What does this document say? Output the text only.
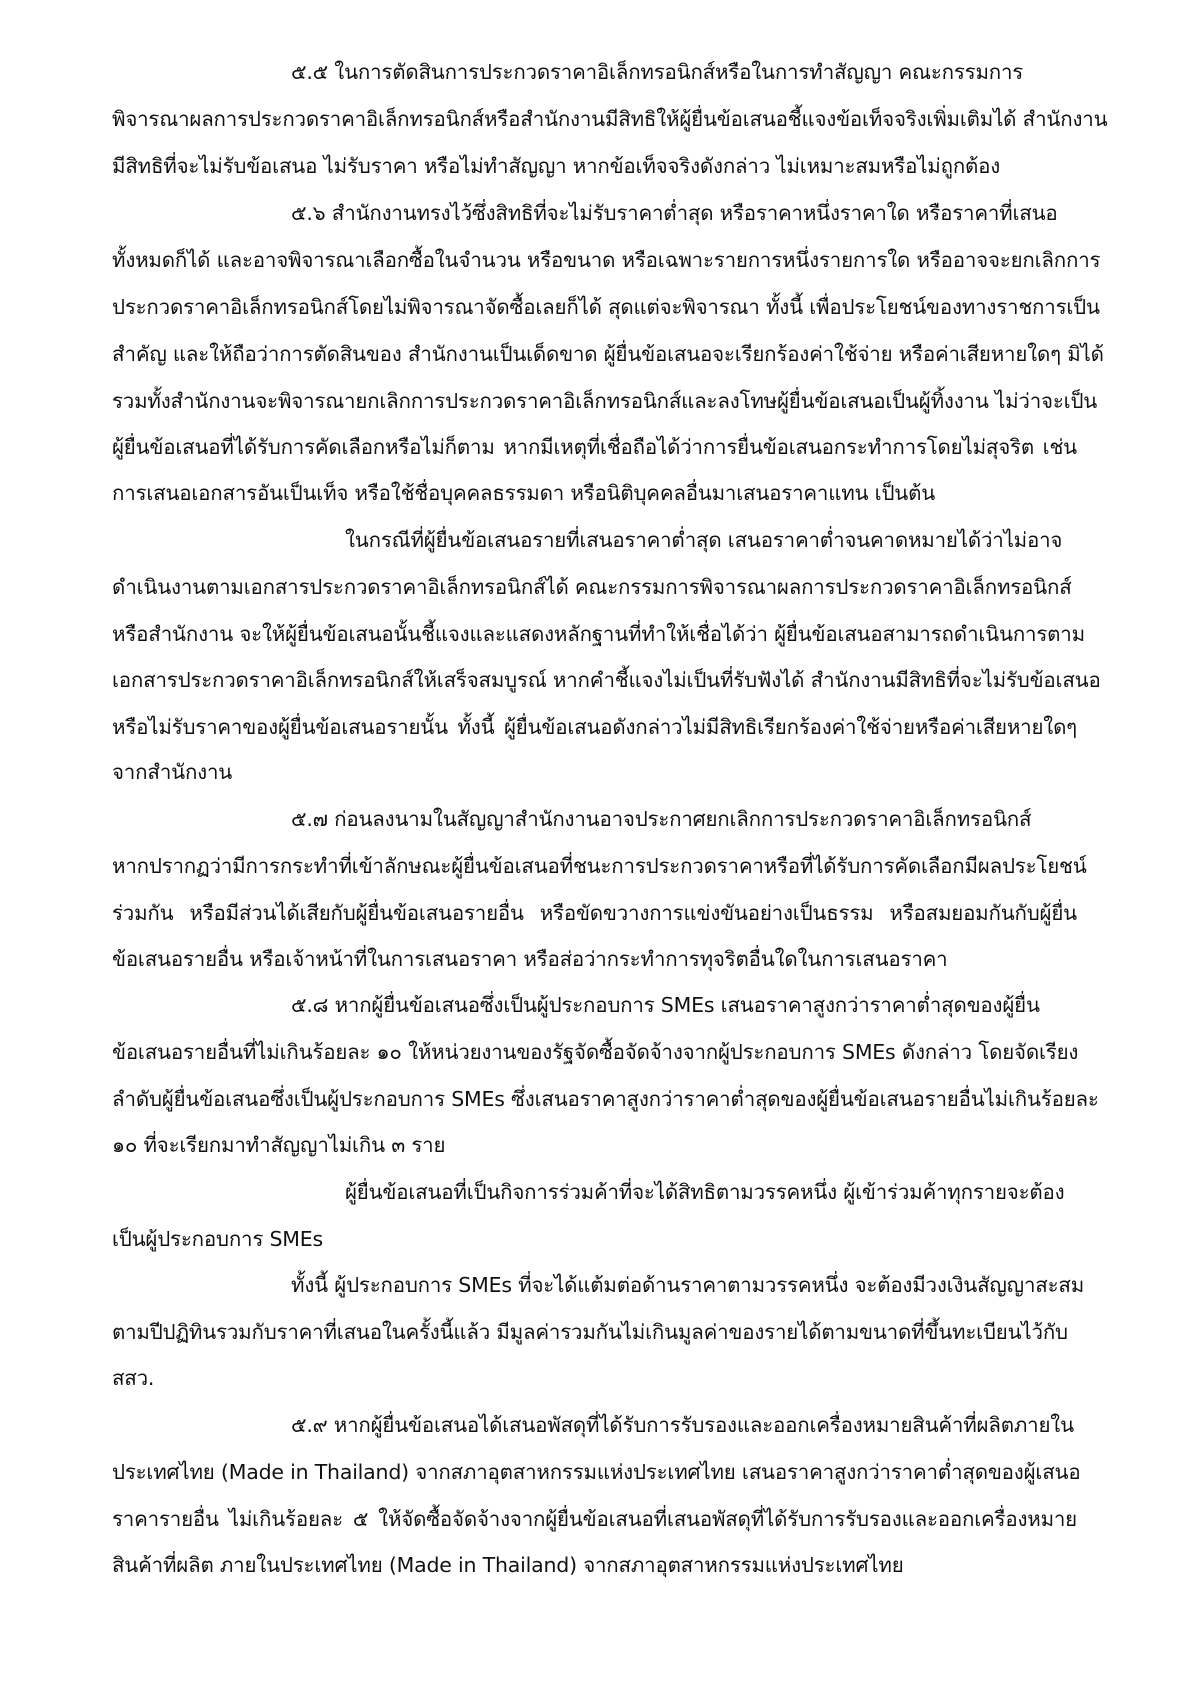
๕.๕ ในการตัดสินการประกวดราคาอิเล็กทรอนิกส์หรือในการทำสัญญา คณะกรรมการ
พิจารณาผลการประกวดราคาอิเล็กทรอนิกส์หรือสำนักงานมีสิทธิให้ผู้ยื่นข้อเสนอชี้แจงข้อเท็จจริงเพิ่มเติมได้ สำนักงาน
มีสิทธิที่จะไม่รับข้อเสนอ ไม่รับราคา หรือไม่ทำสัญญา หากข้อเท็จจริงดังกล่าว ไม่เหมาะสมหรือไม่ถูกต้อง
๕.๖ สำนักงานทรงไว้ซึ่งสิทธิที่จะไม่รับราคาต่ำสุด หรือราคาหนึ่งราคาใด หรือราคาที่เสนอ
ทั้งหมดก็ได้ และอาจพิจารณาเลือกซื้อในจำนวน หรือขนาด หรือเฉพาะรายการหนึ่งรายการใด หรืออาจจะยกเลิกการ
ประกวดราคาอิเล็กทรอนิกส์โดยไม่พิจารณาจัดซื้อเลยก็ได้ สุดแต่จะพิจารณา ทั้งนี้ เพื่อประโยชน์ของทางราชการเป็น
สำคัญ และให้ถือว่าการตัดสินของ สำนักงานเป็นเด็ดขาด ผู้ยื่นข้อเสนอจะเรียกร้องค่าใช้จ่าย หรือค่าเสียหายใดๆ มิได้
รวมทั้งสำนักงานจะพิจารณายกเลิกการประกวดราคาอิเล็กทรอนิกส์และลงโทษผู้ยื่นข้อเสนอเป็นผู้ทิ้งงาน ไม่ว่าจะเป็น
ผู้ยื่นข้อเสนอที่ได้รับการคัดเลือกหรือไม่ก็ตาม หากมีเหตุที่เชื่อถือได้ว่าการยื่นข้อเสนอกระทำการโดยไม่สุจริต เช่น
การเสนอเอกสารอันเป็นเท็จ หรือใช้ชื่อบุคคลธรรมดา หรือนิติบุคคลอื่นมาเสนอราคาแทน เป็นต้น
ในกรณีที่ผู้ยื่นข้อเสนอรายที่เสนอราคาต่ำสุด เสนอราคาต่ำจนคาดหมายได้ว่าไม่อาจ
ดำเนินงานตามเอกสารประกวดราคาอิเล็กทรอนิกส์ได้ คณะกรรมการพิจารณาผลการประกวดราคาอิเล็กทรอนิกส์
หรือสำนักงาน จะให้ผู้ยื่นข้อเสนอนั้นชี้แจงและแสดงหลักฐานที่ทำให้เชื่อได้ว่า ผู้ยื่นข้อเสนอสามารถดำเนินการตาม
เอกสารประกวดราคาอิเล็กทรอนิกส์ให้เสร็จสมบูรณ์ หากคำชี้แจงไม่เป็นที่รับฟังได้ สำนักงานมีสิทธิที่จะไม่รับข้อเสนอ
หรือไม่รับราคาของผู้ยื่นข้อเสนอรายนั้น ทั้งนี้ ผู้ยื่นข้อเสนอดังกล่าวไม่มีสิทธิเรียกร้องค่าใช้จ่ายหรือค่าเสียหายใดๆ
จากสำนักงาน
๕.๗ ก่อนลงนามในสัญญาสำนักงานอาจประกาศยกเลิกการประกวดราคาอิเล็กทรอนิกส์
หากปรากฏว่ามีการกระทำที่เข้าลักษณะผู้ยื่นข้อเสนอที่ชนะการประกวดราคาหรือที่ได้รับการคัดเลือกมีผลประโยชน์
ร่วมกัน หรือมีส่วนได้เสียกับผู้ยื่นข้อเสนอรายอื่น หรือขัดขวางการแข่งขันอย่างเป็นธรรม หรือสมยอมกันกับผู้ยื่น
ข้อเสนอรายอื่น หรือเจ้าหน้าที่ในการเสนอราคา หรือส่อว่ากระทำการทุจริตอื่นใดในการเสนอราคา
๕.๘ หากผู้ยื่นข้อเสนอซึ่งเป็นผู้ประกอบการ SMEs เสนอราคาสูงกว่าราคาต่ำสุดของผู้ยื่น
ข้อเสนอรายอื่นที่ไม่เกินร้อยละ ๑๐ ให้หน่วยงานของรัฐจัดซื้อจัดจ้างจากผู้ประกอบการ SMEs ดังกล่าว โดยจัดเรียง
ลำดับผู้ยื่นข้อเสนอซึ่งเป็นผู้ประกอบการ SMEs ซึ่งเสนอราคาสูงกว่าราคาต่ำสุดของผู้ยื่นข้อเสนอรายอื่นไม่เกินร้อยละ
๑๐ ที่จะเรียกมาทำสัญญาไม่เกิน ๓ ราย
ผู้ยื่นข้อเสนอที่เป็นกิจการร่วมค้าที่จะได้สิทธิตามวรรคหนึ่ง ผู้เข้าร่วมค้าทุกรายจะต้อง
เป็นผู้ประกอบการ SMEs
ทั้งนี้ ผู้ประกอบการ SMEs ที่จะได้แต้มต่อด้านราคาตามวรรคหนึ่ง จะต้องมีวงเงินสัญญาสะสม
ตามปีปฏิทินรวมกับราคาที่เสนอในครั้งนี้แล้ว มีมูลค่ารวมกันไม่เกินมูลค่าของรายได้ตามขนาดที่ขึ้นทะเบียนไว้กับ
สสว.
๕.๙ หากผู้ยื่นข้อเสนอได้เสนอพัสดุที่ได้รับการรับรองและออกเครื่องหมายสินค้าที่ผลิตภายใน
ประเทศไทย (Made in Thailand) จากสภาอุตสาหกรรมแห่งประเทศไทย เสนอราคาสูงกว่าราคาต่ำสุดของผู้เสนอ
ราคารายอื่น ไม่เกินร้อยละ ๕ ให้จัดซื้อจัดจ้างจากผู้ยื่นข้อเสนอที่เสนอพัสดุที่ได้รับการรับรองและออกเครื่องหมาย
สินค้าที่ผลิต ภายในประเทศไทย (Made in Thailand) จากสภาอุตสาหกรรมแห่งประเทศไทย
